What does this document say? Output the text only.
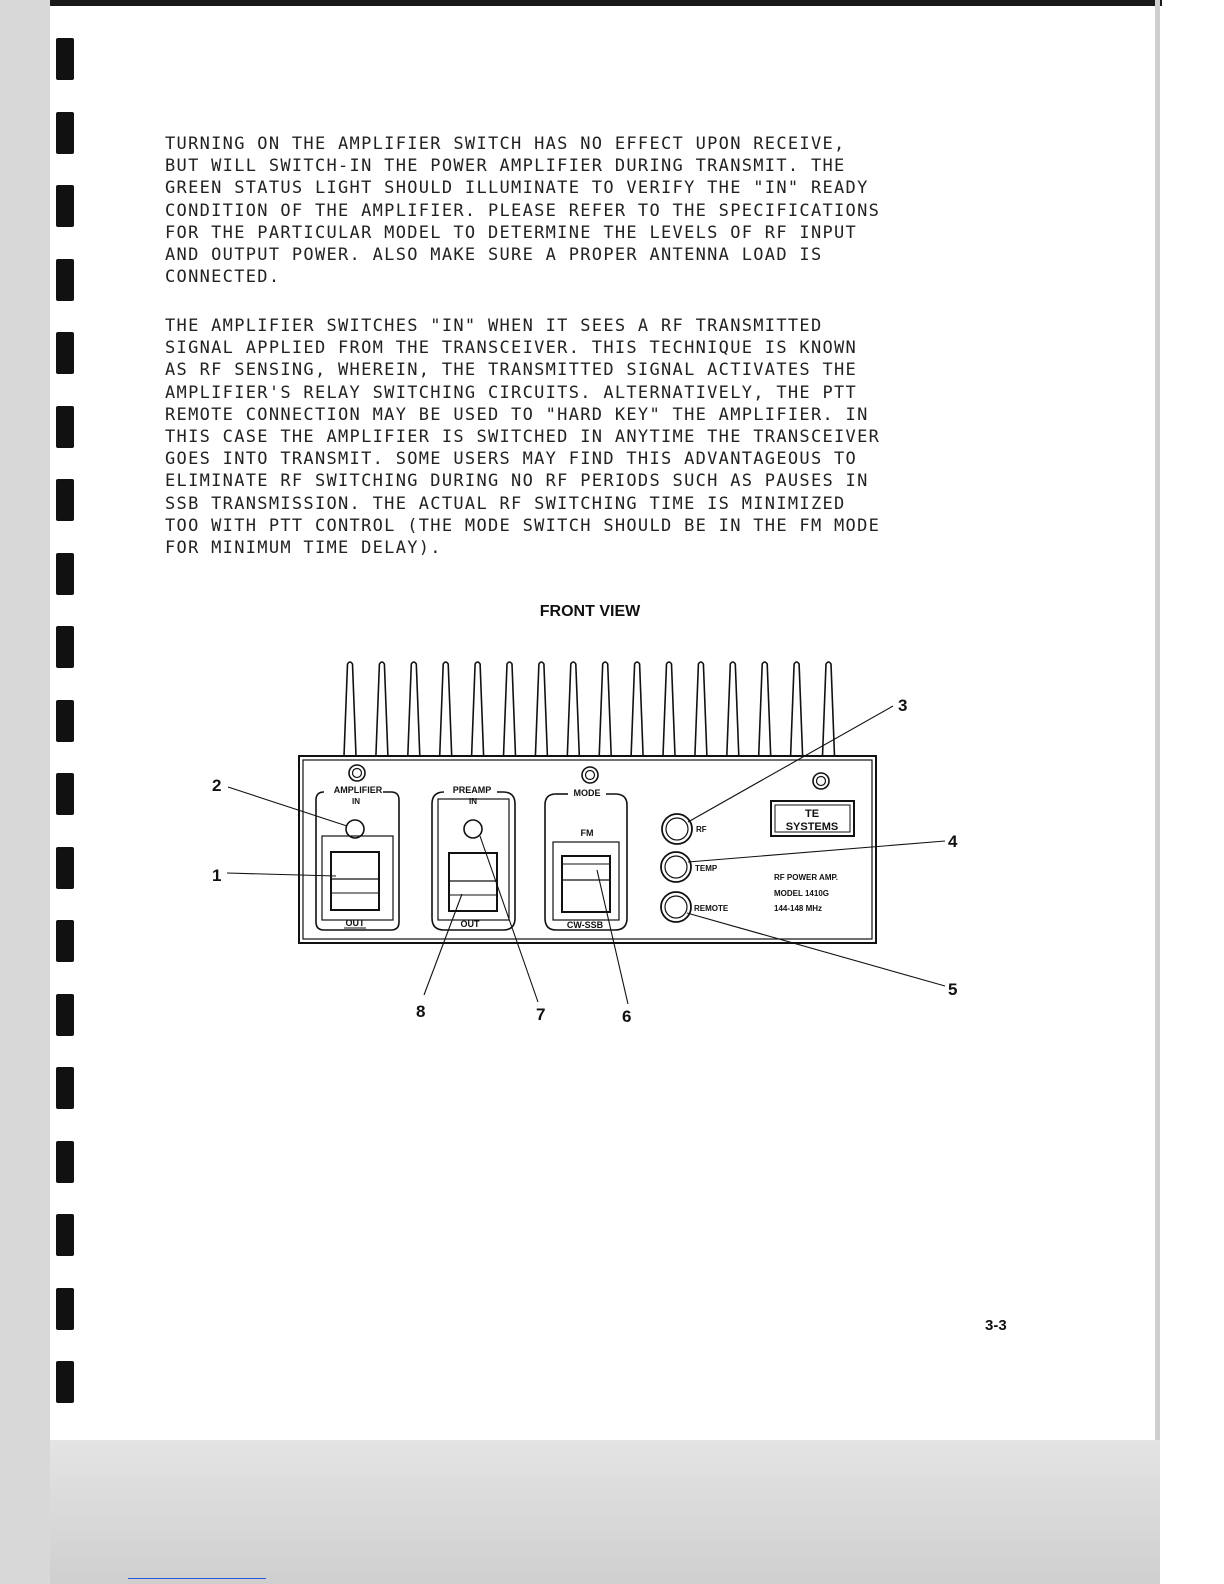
TURNING ON THE AMPLIFIER SWITCH HAS NO EFFECT UPON RECEIVE,
BUT WILL SWITCH-IN THE POWER AMPLIFIER DURING TRANSMIT. THE
GREEN STATUS LIGHT SHOULD ILLUMINATE TO VERIFY THE "IN" READY
CONDITION OF THE AMPLIFIER. PLEASE REFER TO THE SPECIFICATIONS
FOR THE PARTICULAR MODEL TO DETERMINE THE LEVELS OF RF INPUT
AND OUTPUT POWER. ALSO MAKE SURE A PROPER ANTENNA LOAD IS
CONNECTED.
THE AMPLIFIER SWITCHES "IN" WHEN IT SEES A RF TRANSMITTED
SIGNAL APPLIED FROM THE TRANSCEIVER. THIS TECHNIQUE IS KNOWN
AS RF SENSING, WHEREIN, THE TRANSMITTED SIGNAL ACTIVATES THE
AMPLIFIER'S RELAY SWITCHING CIRCUITS. ALTERNATIVELY, THE PTT
REMOTE CONNECTION MAY BE USED TO "HARD KEY" THE AMPLIFIER. IN
THIS CASE THE AMPLIFIER IS SWITCHED IN ANYTIME THE TRANSCEIVER
GOES INTO TRANSMIT. SOME USERS MAY FIND THIS ADVANTAGEOUS TO
ELIMINATE RF SWITCHING DURING NO RF PERIODS SUCH AS PAUSES IN
SSB TRANSMISSION. THE ACTUAL RF SWITCHING TIME IS MINIMIZED
TOO WITH PTT CONTROL (THE MODE SWITCH SHOULD BE IN THE FM MODE
FOR MINIMUM TIME DELAY).
FRONT VIEW
AMPLIFIER
IN
OUT
PREAMP
IN
OUT
MODE
FM
CW-SSB
RF
TEMP
REMOTE
TE
SYSTEMS
RF POWER AMP.
MODEL 1410G
144-148 MHz
1
2
3
4
5
6
7
8
3-3
